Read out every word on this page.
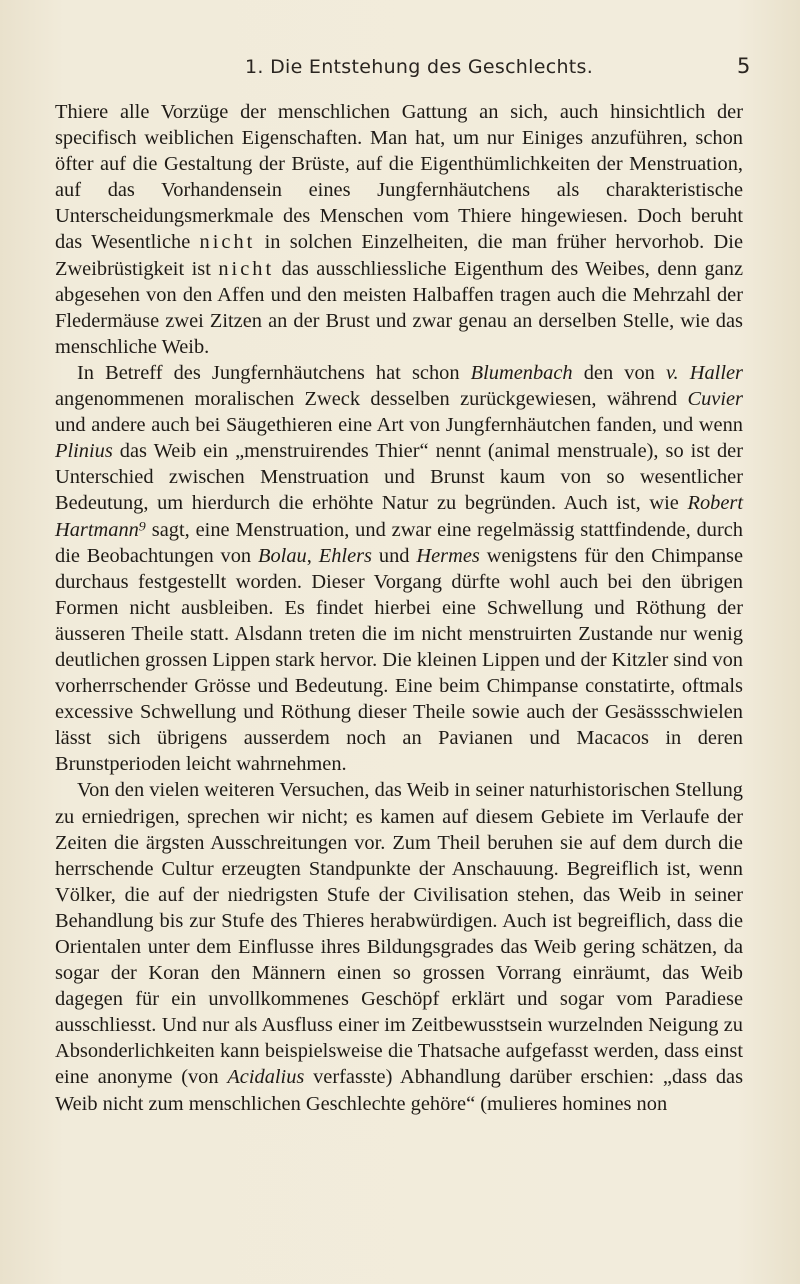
1. Die Entstehung des Geschlechts.	5

Thiere alle Vorzüge der menschlichen Gattung an sich, auch hinsichtlich der specifisch weiblichen Eigenschaften. Man hat, um nur Einiges anzuführen, schon öfter auf die Gestaltung der Brüste, auf die Eigenthümlichkeiten der Menstruation, auf das Vorhandensein eines Jungfernhäutchens als charakteristische Unterscheidungsmerkmale des Menschen vom Thiere hingewiesen. Doch beruht das Wesentliche nicht in solchen Einzelheiten, die man früher hervorhob. Die Zweibrüstigkeit ist nicht das ausschliessliche Eigenthum des Weibes, denn ganz abgesehen von den Affen und den meisten Halbaffen tragen auch die Mehrzahl der Fledermäuse zwei Zitzen an der Brust und zwar genau an derselben Stelle, wie das menschliche Weib.

In Betreff des Jungfernhäutchens hat schon Blumenbach den von v. Haller angenommenen moralischen Zweck desselben zurückgewiesen, während Cuvier und andere auch bei Säugethieren eine Art von Jungfernhäutchen fanden, und wenn Plinius das Weib ein „menstruirendes Thier“ nennt (animal menstruale), so ist der Unterschied zwischen Menstruation und Brunst kaum von so wesentlicher Bedeutung, um hierdurch die erhöhte Natur zu begründen. Auch ist, wie Robert Hartmann⁹ sagt, eine Menstruation, und zwar eine regelmässig stattfindende, durch die Beobachtungen von Bolau, Ehlers und Hermes wenigstens für den Chimpanse durchaus festgestellt worden. Dieser Vorgang dürfte wohl auch bei den übrigen Formen nicht ausbleiben. Es findet hierbei eine Schwellung und Röthung der äusseren Theile statt. Alsdann treten die im nicht menstruirten Zustande nur wenig deutlichen grossen Lippen stark hervor. Die kleinen Lippen und der Kitzler sind von vorherrschender Grösse und Bedeutung. Eine beim Chimpanse constatirte, oftmals excessive Schwellung und Röthung dieser Theile sowie auch der Gesässschwielen lässt sich übrigens ausserdem noch an Pavianen und Macacos in deren Brunstperioden leicht wahrnehmen.

Von den vielen weiteren Versuchen, das Weib in seiner naturhistorischen Stellung zu erniedrigen, sprechen wir nicht; es kamen auf diesem Gebiete im Verlaufe der Zeiten die ärgsten Ausschreitungen vor. Zum Theil beruhen sie auf dem durch die herrschende Cultur erzeugten Standpunkte der Anschauung. Begreiflich ist, wenn Völker, die auf der niedrigsten Stufe der Civilisation stehen, das Weib in seiner Behandlung bis zur Stufe des Thieres herabwürdigen. Auch ist begreiflich, dass die Orientalen unter dem Einflusse ihres Bildungsgrades das Weib gering schätzen, da sogar der Koran den Männern einen so grossen Vorrang einräumt, das Weib dagegen für ein unvollkommenes Geschöpf erklärt und sogar vom Paradiese ausschliesst. Und nur als Ausfluss einer im Zeitbewusstsein wurzelnden Neigung zu Absonderlichkeiten kann beispielsweise die Thatsache aufgefasst werden, dass einst eine anonyme (von Acidalius verfasste) Abhandlung darüber erschien: „dass das Weib nicht zum menschlichen Geschlechte gehöre“ (mulieres homines non
